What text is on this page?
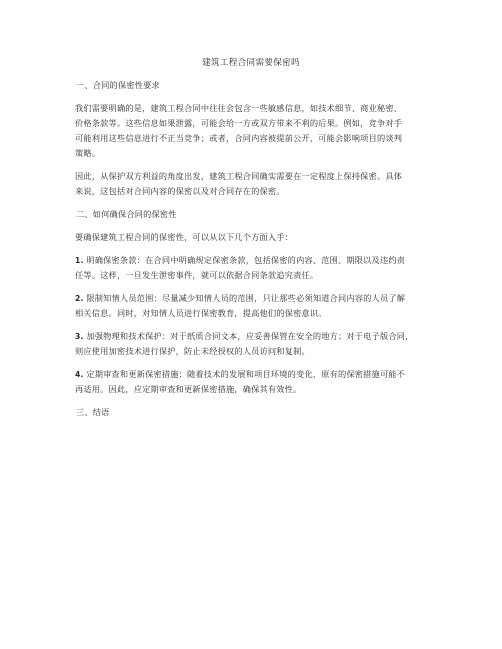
建筑工程合同需要保密吗
一、合同的保密性要求
我们需要明确的是，建筑工程合同中往往会包含一些敏感信息，如技术细节、商业秘密、
价格条款等。这些信息如果泄露，可能会给一方或双方带来不利的后果。例如，竞争对手
可能利用这些信息进行不正当竞争；或者，合同内容被提前公开，可能会影响项目的谈判
策略。
因此，从保护双方利益的角度出发，建筑工程合同确实需要在一定程度上保持保密。具体
来说，这包括对合同内容的保密以及对合同存在的保密。
二、如何确保合同的保密性
要确保建筑工程合同的保密性，可以从以下几个方面入手：
1. 明确保密条款：在合同中明确规定保密条款，包括保密的内容、范围、期限以及违约责
任等。这样，一旦发生泄密事件，就可以依据合同条款追究责任。
2. 限制知情人员范围：尽量减少知情人员的范围，只让那些必须知道合同内容的人员了解
相关信息。同时，对知情人员进行保密教育，提高他们的保密意识。
3. 加强物理和技术保护：对于纸质合同文本，应妥善保管在安全的地方；对于电子版合同，
则应使用加密技术进行保护，防止未经授权的人员访问和复制。
4. 定期审查和更新保密措施：随着技术的发展和项目环境的变化，原有的保密措施可能不
再适用。因此，应定期审查和更新保密措施，确保其有效性。
三、结语
